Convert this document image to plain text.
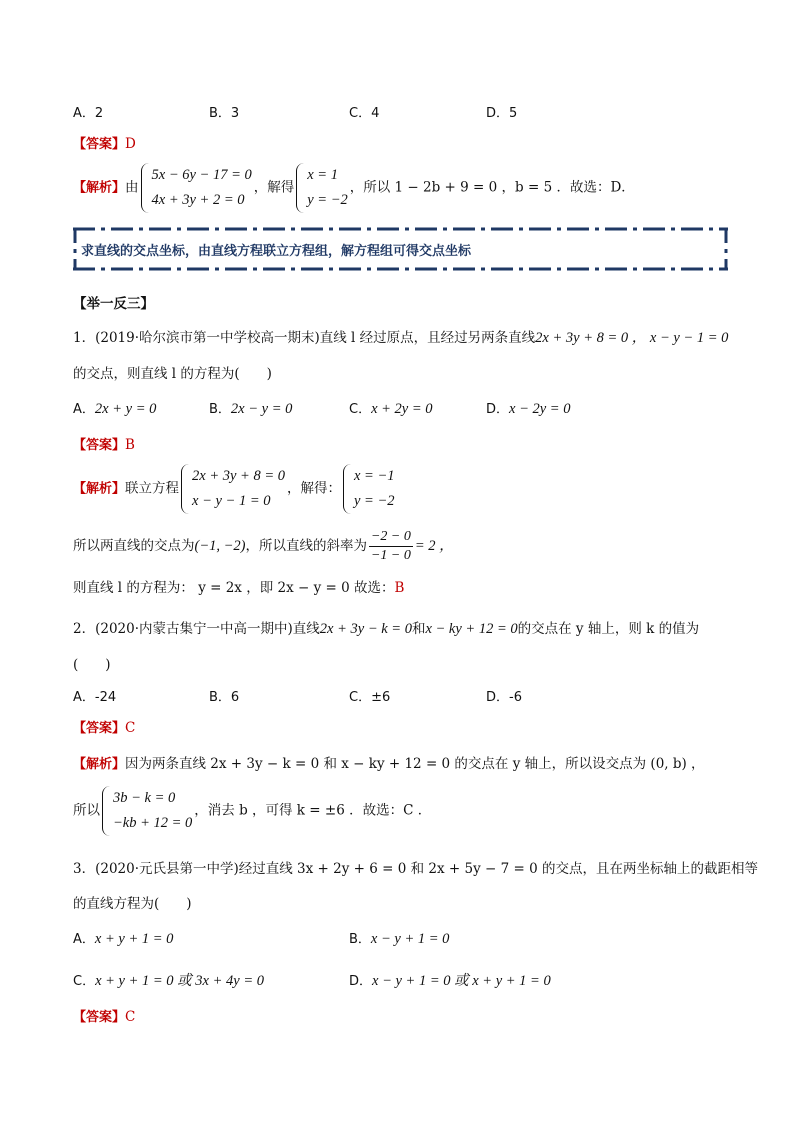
A．2	B．3	C．4	D．5
【答案】D
【解析】由
5x − 6y − 17 = 0
4x + 3y + 2 = 0
，解得
x = 1
y = −2
，所以 1 − 2b + 9 = 0 ，b = 5 ．故选：D．
求直线的交点坐标，由直线方程联立方程组，解方程组可得交点坐标
【举一反三】
1．(2019·哈尔滨市第一中学校高一期末)直线 l 经过原点，且经过另两条直线2x + 3y + 8 = 0 ， x − y − 1 = 0
的交点，则直线 l 的方程为(　　)
A．2x + y = 0	B．2x − y = 0	C．x + 2y = 0	D．x − 2y = 0
【答案】B
【解析】联立方程
2x + 3y + 8 = 0
x − y − 1 = 0
，解得：
x = −1
y = −2
所以两直线的交点为(−1, −2)，所以直线的斜率为 $\frac{-2 - 0}{-1 - 0} = 2$ ，
则直线 l 的方程为： y = 2x ，即 2x − y = 0 故选：B
2．(2020·内蒙古集宁一中高一期中)直线2x + 3y − k = 0和x − ky + 12 = 0的交点在 y 轴上，则 k 的值为
(　　)
A．-24	B．6	C．±6	D．-6
【答案】C
【解析】因为两条直线 2x + 3y − k = 0 和 x − ky + 12 = 0 的交点在 y 轴上，所以设交点为 (0, b) ，
所以
3b − k = 0
−kb + 12 = 0
，消去 b ，可得 k = ±6 ．故选：C ．
3．(2020·元氏县第一中学)经过直线 3x + 2y + 6 = 0 和 2x + 5y − 7 = 0 的交点，且在两坐标轴上的截距相等
的直线方程为(　　)
A．x + y + 1 = 0	B．x − y + 1 = 0
C．x + y + 1 = 0 或 3x + 4y = 0	D．x − y + 1 = 0 或 x + y + 1 = 0
【答案】C
